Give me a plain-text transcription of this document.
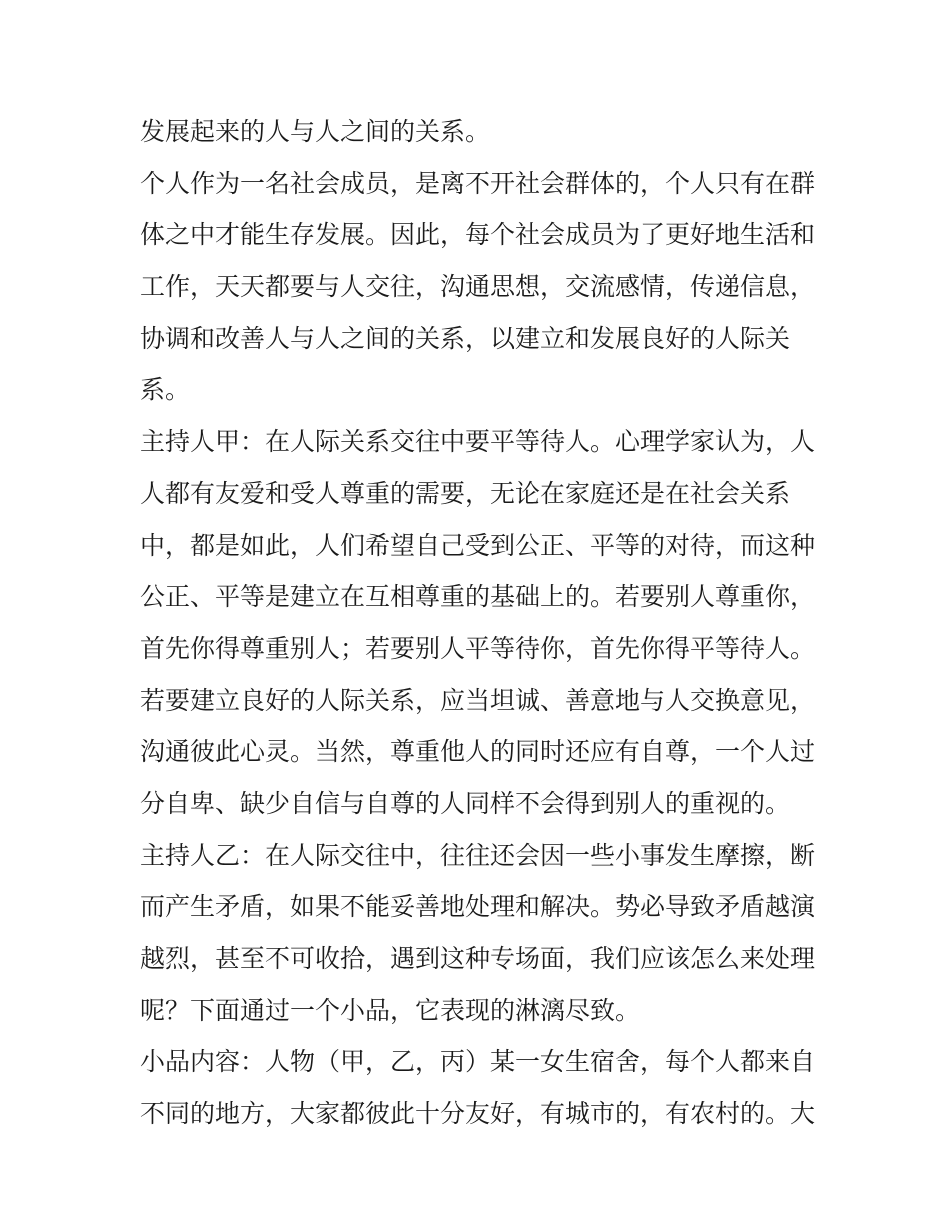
发展起来的人与人之间的关系。
个人作为一名社会成员，是离不开社会群体的，个人只有在群
体之中才能生存发展。因此，每个社会成员为了更好地生活和
工作，天天都要与人交往，沟通思想，交流感情，传递信息，
协调和改善人与人之间的关系，以建立和发展良好的人际关
系。
主持人甲：在人际关系交往中要平等待人。心理学家认为，人
人都有友爱和受人尊重的需要，无论在家庭还是在社会关系
中，都是如此，人们希望自己受到公正、平等的对待，而这种
公正、平等是建立在互相尊重的基础上的。若要别人尊重你，
首先你得尊重别人；若要别人平等待你，首先你得平等待人。
若要建立良好的人际关系，应当坦诚、善意地与人交换意见，
沟通彼此心灵。当然，尊重他人的同时还应有自尊，一个人过
分自卑、缺少自信与自尊的人同样不会得到别人的重视的。
主持人乙：在人际交往中，往往还会因一些小事发生摩擦，断
而产生矛盾，如果不能妥善地处理和解决。势必导致矛盾越演
越烈，甚至不可收拾，遇到这种专场面，我们应该怎么来处理
呢？下面通过一个小品，它表现的淋漓尽致。
小品内容：人物（甲，乙，丙）某一女生宿舍，每个人都来自
不同的地方，大家都彼此十分友好，有城市的，有农村的。大
